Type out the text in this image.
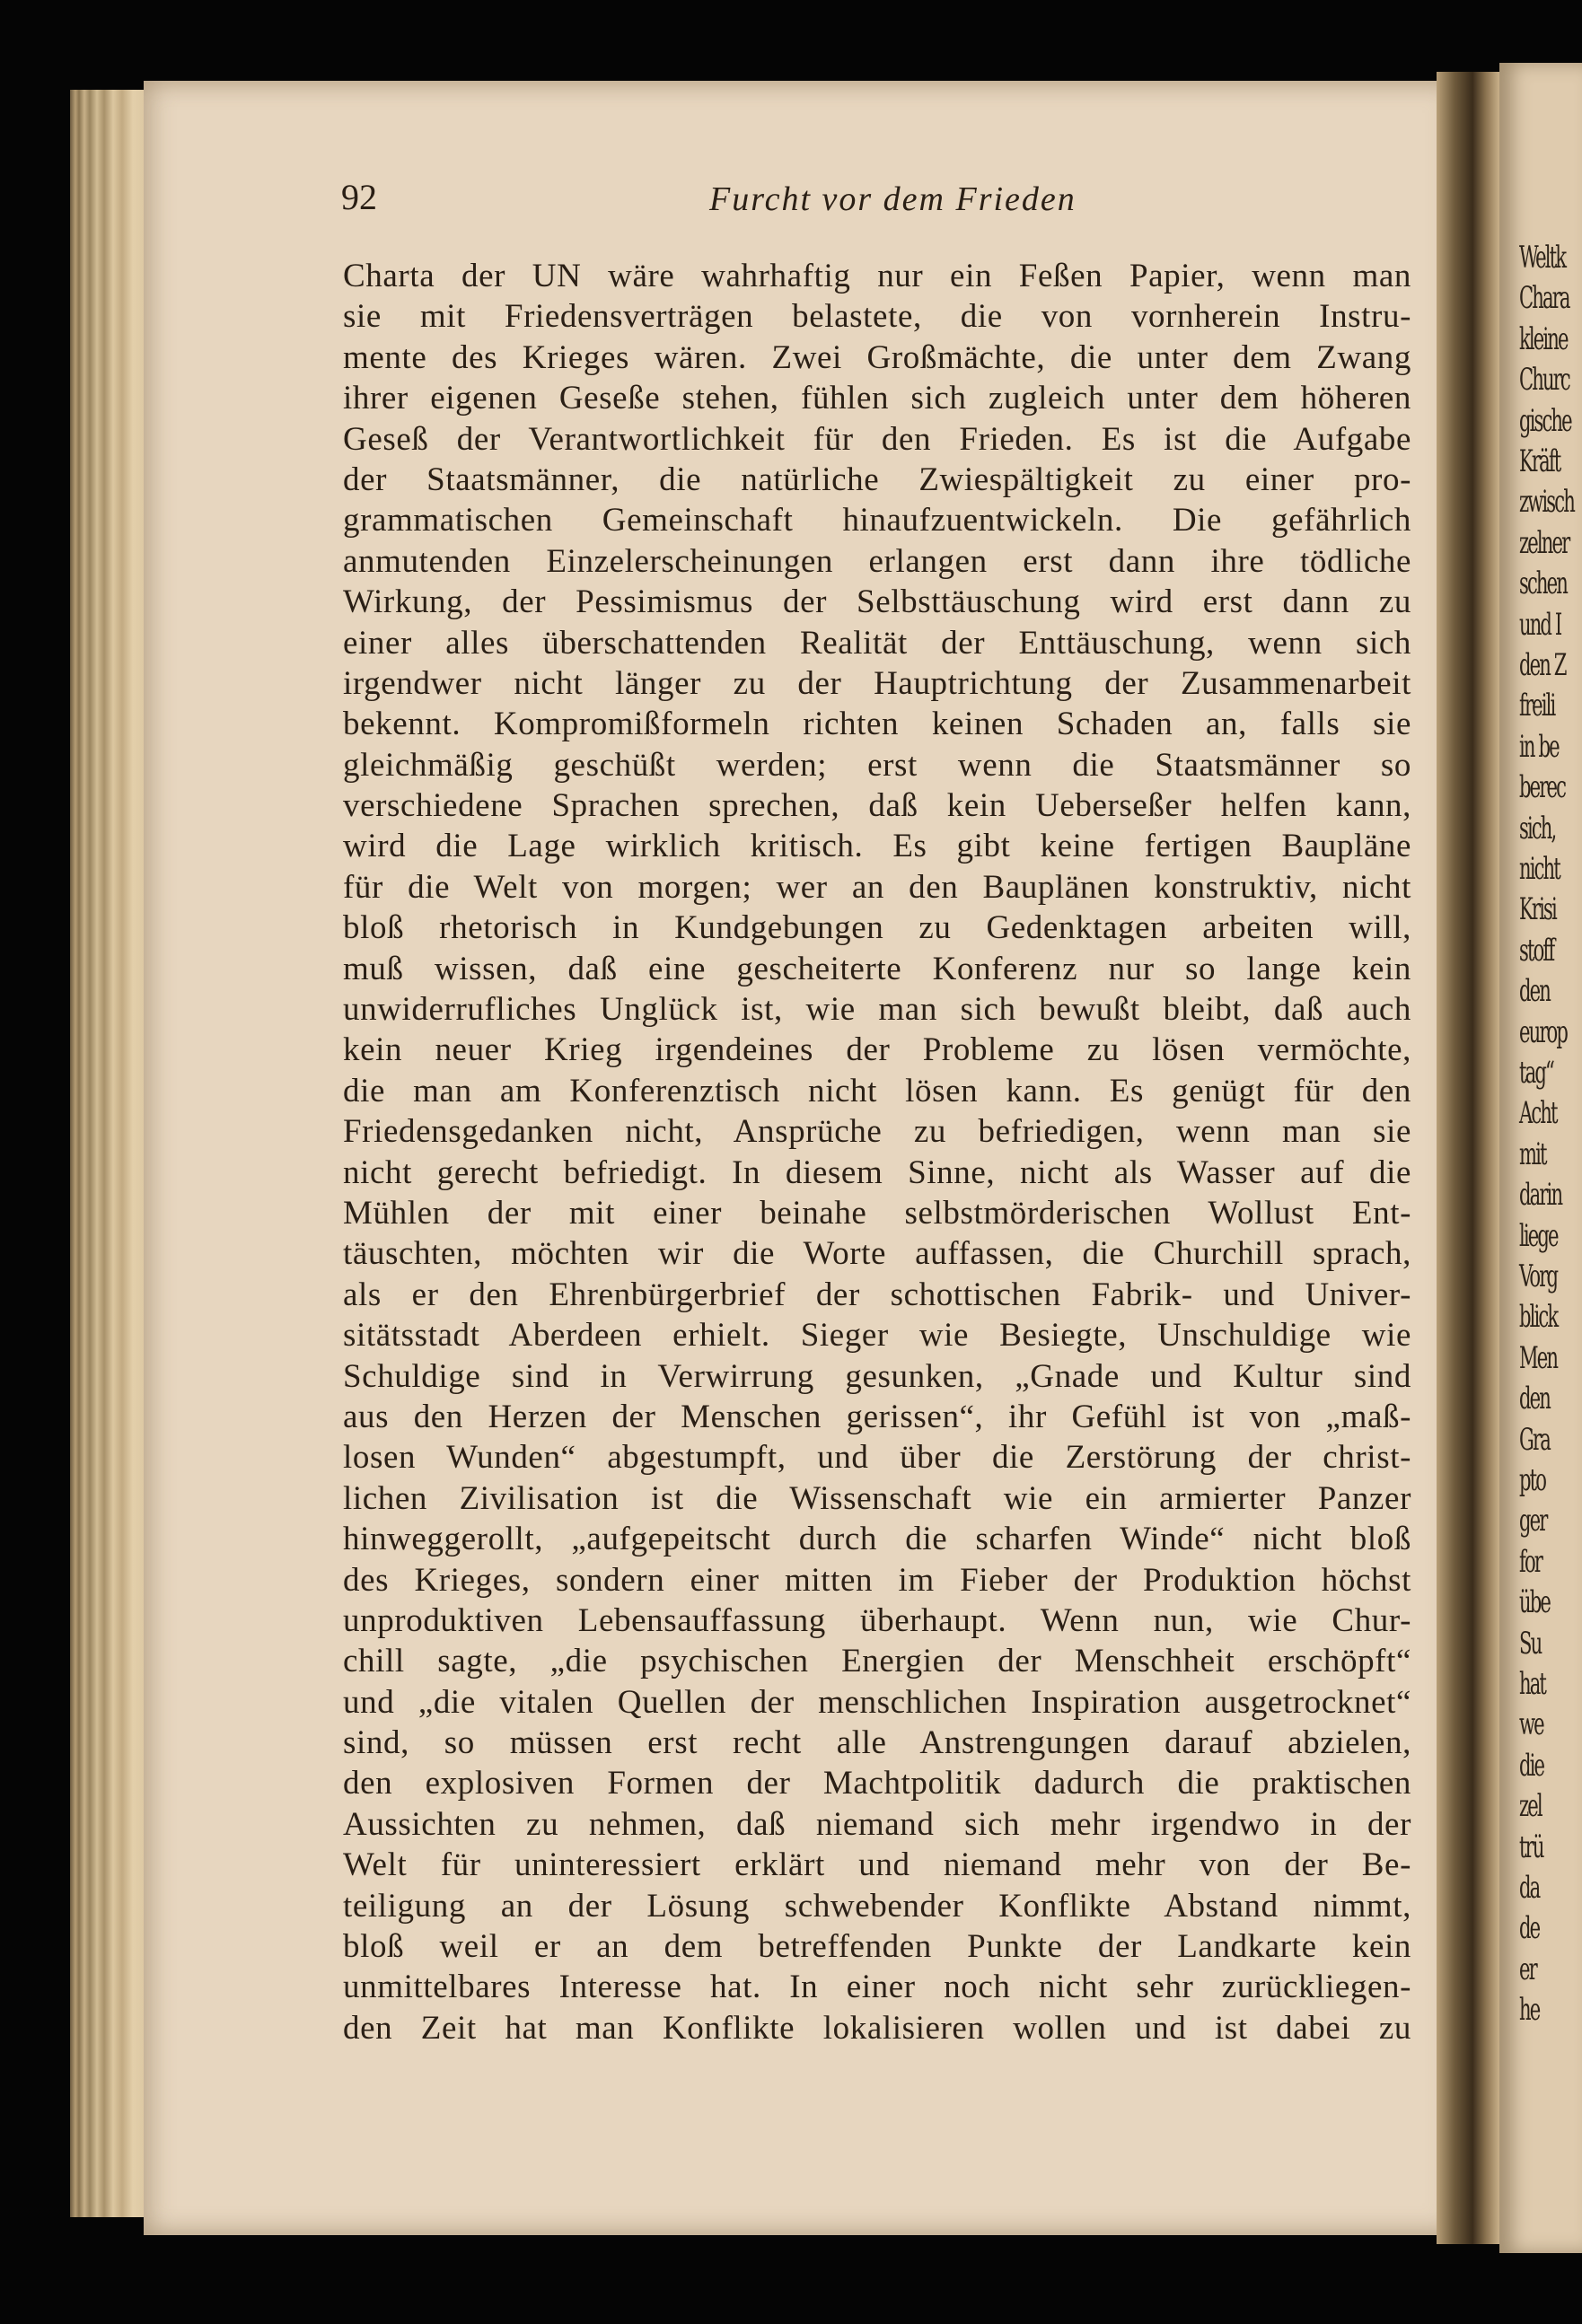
92	Furcht vor dem Frieden
Charta der UN wäre wahrhaftig nur ein Feßen Papier, wenn man
sie mit Friedensverträgen belastete, die von vornherein Instru-
mente des Krieges wären. Zwei Großmächte, die unter dem Zwang
ihrer eigenen Geseße stehen, fühlen sich zugleich unter dem höheren
Geseß der Verantwortlichkeit für den Frieden. Es ist die Aufgabe
der Staatsmänner, die natürliche Zwiespältigkeit zu einer pro-
grammatischen Gemeinschaft hinaufzuentwickeln. Die gefährlich
anmutenden Einzelerscheinungen erlangen erst dann ihre tödliche
Wirkung, der Pessimismus der Selbsttäuschung wird erst dann zu
einer alles überschattenden Realität der Enttäuschung, wenn sich
irgendwer nicht länger zu der Hauptrichtung der Zusammenarbeit
bekennt. Kompromißformeln richten keinen Schaden an, falls sie
gleichmäßig geschüßt werden; erst wenn die Staatsmänner so
verschiedene Sprachen sprechen, daß kein Ueberseßer helfen kann,
wird die Lage wirklich kritisch. Es gibt keine fertigen Baupläne
für die Welt von morgen; wer an den Bauplänen konstruktiv, nicht
bloß rhetorisch in Kundgebungen zu Gedenktagen arbeiten will,
muß wissen, daß eine gescheiterte Konferenz nur so lange kein
unwiderrufliches Unglück ist, wie man sich bewußt bleibt, daß auch
kein neuer Krieg irgendeines der Probleme zu lösen vermöchte,
die man am Konferenztisch nicht lösen kann. Es genügt für den
Friedensgedanken nicht, Ansprüche zu befriedigen, wenn man sie
nicht gerecht befriedigt. In diesem Sinne, nicht als Wasser auf die
Mühlen der mit einer beinahe selbstmörderischen Wollust Ent-
täuschten, möchten wir die Worte auffassen, die Churchill sprach,
als er den Ehrenbürgerbrief der schottischen Fabrik- und Univer-
sitätsstadt Aberdeen erhielt. Sieger wie Besiegte, Unschuldige wie
Schuldige sind in Verwirrung gesunken, „Gnade und Kultur sind
aus den Herzen der Menschen gerissen“, ihr Gefühl ist von „maß-
losen Wunden“ abgestumpft, und über die Zerstörung der christ-
lichen Zivilisation ist die Wissenschaft wie ein armierter Panzer
hinweggerollt, „aufgepeitscht durch die scharfen Winde“ nicht bloß
des Krieges, sondern einer mitten im Fieber der Produktion höchst
unproduktiven Lebensauffassung überhaupt. Wenn nun, wie Chur-
chill sagte, „die psychischen Energien der Menschheit erschöpft“
und „die vitalen Quellen der menschlichen Inspiration ausgetrocknet“
sind, so müssen erst recht alle Anstrengungen darauf abzielen,
den explosiven Formen der Machtpolitik dadurch die praktischen
Aussichten zu nehmen, daß niemand sich mehr irgendwo in der
Welt für uninteressiert erklärt und niemand mehr von der Be-
teiligung an der Lösung schwebender Konflikte Abstand nimmt,
bloß weil er an dem betreffenden Punkte der Landkarte kein
unmittelbares Interesse hat. In einer noch nicht sehr zurückliegen-
den Zeit hat man Konflikte lokalisieren wollen und ist dabei zu
Weltk
Chara
kleine
Churc
gische
Kräft
zwisch
zelner
schen
und I
den Z
freili
in be
berec
sich,
nicht
Krisi
stoff
den
europ
tag“
Acht
mit
darin
liege
Vorg
blick
Men
den
Gra
pto
ger
for
übe
Su
hat
we
die
zel
trü
da
de
er
he
